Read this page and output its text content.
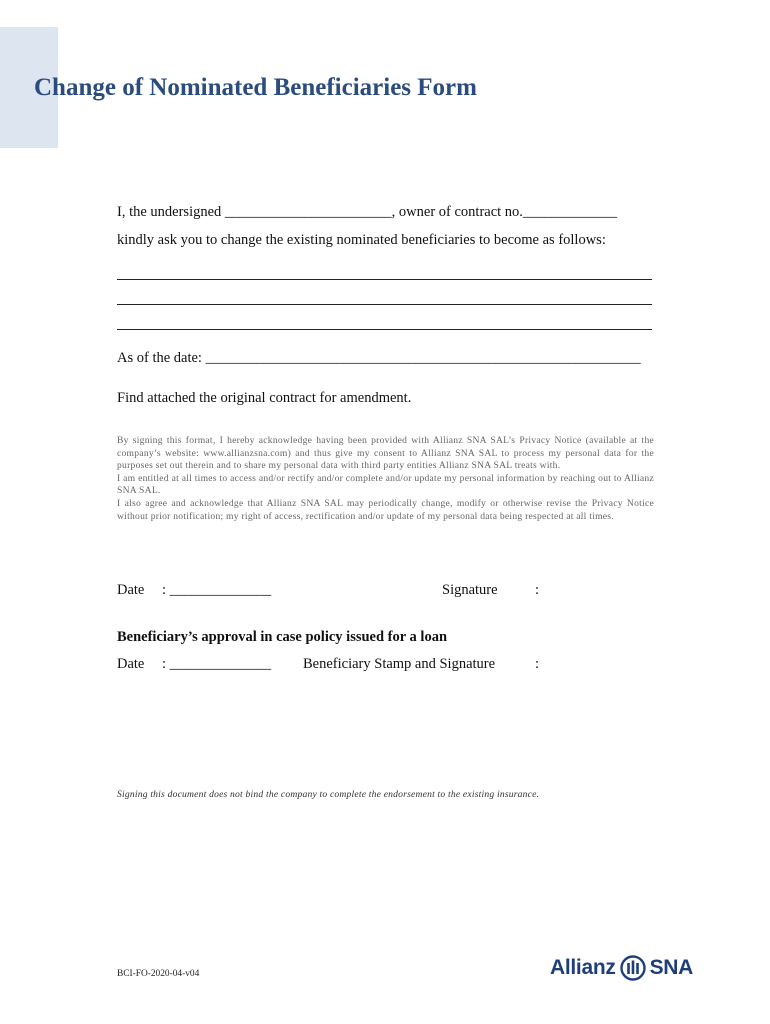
Change of Nominated Beneficiaries Form
I, the undersigned _______________________, owner of contract no._____________
kindly ask you to change the existing nominated beneficiaries to become as follows:
As of the date: ____________________________________________________________
Find attached the original contract for amendment.

By signing this format, I hereby acknowledge having been provided with Allianz SNA SAL’s Privacy Notice (available at the company’s website: www.allianzsna.com) and thus give my consent to Allianz SNA SAL to process my personal data for the purposes set out therein and to share my personal data with third party entities Allianz SNA SAL treats with.

I am entitled at all times to access and/or rectify and/or complete and/or update my personal information by reaching out to Allianz SNA SAL.

I also agree and acknowledge that Allianz SNA SAL may periodically change, modify or otherwise revise the Privacy Notice without prior notification; my right of access, rectification and/or update of my personal data being respected at all times.

Date : ______________	Signature	:
Beneficiary’s approval in case policy issued for a loan
Date : ______________ Beneficiary Stamp and Signature	:
Signing this document does not bind the company to complete the endorsement to the existing insurance.
BCI-FO-2020-04-v04	Allianz SNA
